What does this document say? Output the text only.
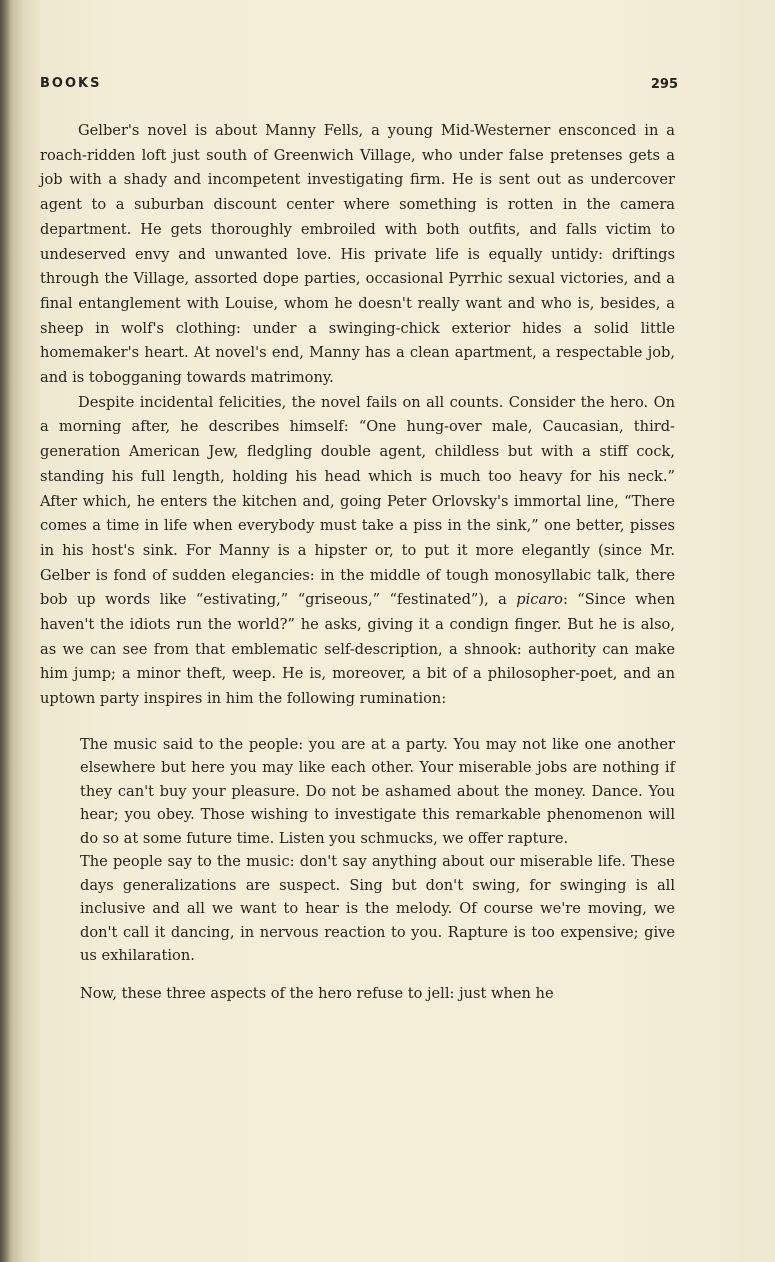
BOOKS	295

Gelber's novel is about Manny Fells, a young Mid-Westerner ensconced in a roach-ridden loft just south of Greenwich Village, who under false pretenses gets a job with a shady and incompetent investigating firm. He is sent out as undercover agent to a suburban discount center where something is rotten in the camera department. He gets thoroughly embroiled with both outfits, and falls victim to undeserved envy and unwanted love. His private life is equally untidy: driftings through the Village, assorted dope parties, occasional Pyrrhic sexual victories, and a final entanglement with Louise, whom he doesn't really want and who is, besides, a sheep in wolf's clothing: under a swinging-chick exterior hides a solid little homemaker's heart. At novel's end, Manny has a clean apartment, a respectable job, and is tobogganing towards matrimony.

Despite incidental felicities, the novel fails on all counts. Consider the hero. On a morning after, he describes himself: “One hung-over male, Caucasian, third-generation American Jew, fledgling double agent, childless but with a stiff cock, standing his full length, holding his head which is much too heavy for his neck.” After which, he enters the kitchen and, going Peter Orlovsky's immortal line, “There comes a time in life when everybody must take a piss in the sink,” one better, pisses in his host's sink. For Manny is a hipster or, to put it more elegantly (since Mr. Gelber is fond of sudden elegancies: in the middle of tough monosyllabic talk, there bob up words like “estivating,” “griseous,” “festinated”), a picaro: “Since when haven't the idiots run the world?” he asks, giving it a condign finger. But he is also, as we can see from that emblematic self-description, a shnook: authority can make him jump; a minor theft, weep. He is, moreover, a bit of a philosopher-poet, and an uptown party inspires in him the following rumination:

The music said to the people: you are at a party. You may not like one another elsewhere but here you may like each other. Your miserable jobs are nothing if they can't buy your pleasure. Do not be ashamed about the money. Dance. You hear; you obey. Those wishing to investigate this remarkable phenomenon will do so at some future time. Listen you schmucks, we offer rapture.

The people say to the music: don't say anything about our miserable life. These days generalizations are suspect. Sing but don't swing, for swinging is all inclusive and all we want to hear is the melody. Of course we're moving, we don't call it dancing, in nervous reaction to you. Rapture is too expensive; give us exhilaration.

Now, these three aspects of the hero refuse to jell: just when he
